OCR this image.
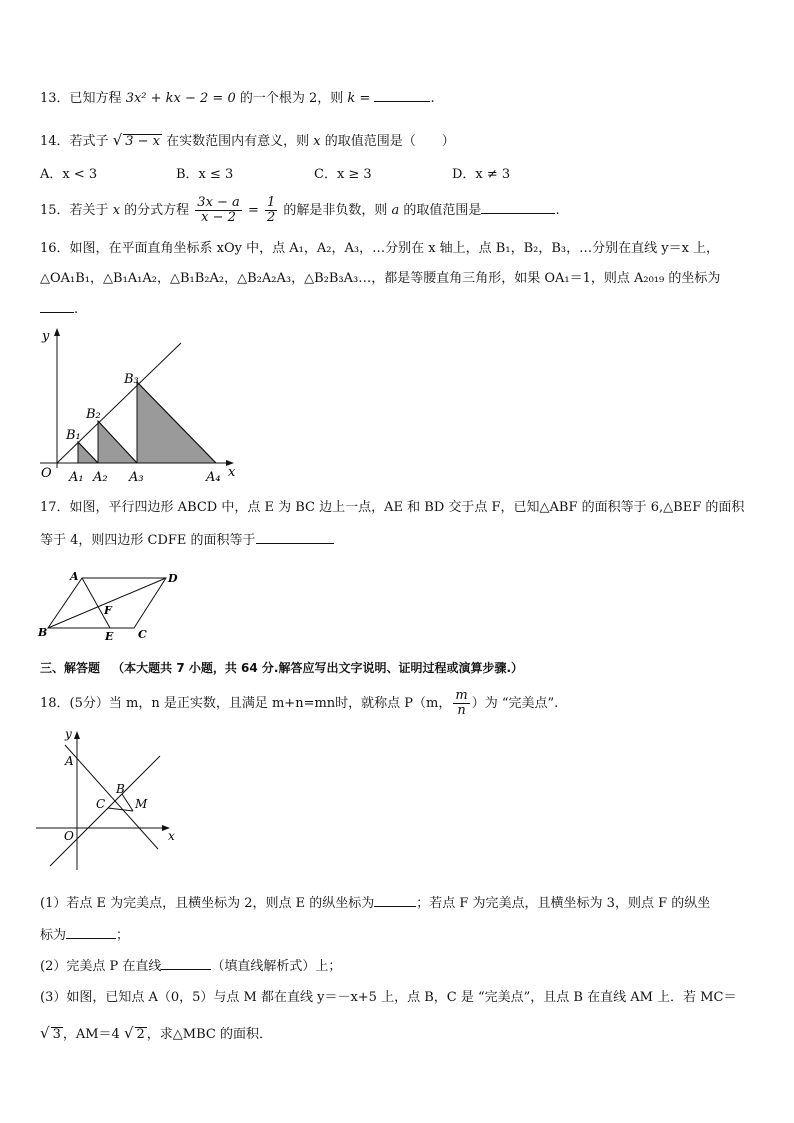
13．已知方程 3x² + kx − 2 = 0 的一个根为 2，则 k =	.
14．若式子 √ 3 − x 在实数范围内有意义，则 x 的取值范围是（　　）
A．x < 3	B．x ≤ 3	C．x ≥ 3	D．x ≠ 3
15．若关于 x 的分式方程 $\frac{3x - a}{x - 2} = \frac{1}{2}$ 的解是非负数，则 a 的取值范围是	.
16．如图，在平面直角坐标系 xOy 中，点 A₁，A₂，A₃，…分别在 x 轴上，点 B₁，B₂，B₃，…分别在直线 y＝x 上，
△OA₁B₁，△B₁A₁A₂，△B₁B₂A₂，△B₂A₂A₃，△B₂B₃A₃…，都是等腰直角三角形，如果 OA₁＝1，则点 A₂₀₁₉ 的坐标为
.
y
x
O A₁ A₂ A₃	A₄
B₁
B₂
B₃
17．如图，平行四边形 ABCD 中，点 E 为 BC 边上一点，AE 和 BD 交于点 F，已知△ABF 的面积等于 6,△BEF 的面积
等于 4，则四边形 CDFE 的面积等于
A	D
B	E C
F
三、解答题 （本大题共 7 小题，共 64 分.解答应写出文字说明、证明过程或演算步骤.）
18．(5分）当 m，n 是正实数，且满足 m+n=mn时，就称点 P（m， $\frac{m}{n}$ ）为 “完美点”.
y
x
O
A
B
C M
(1）若点 E 为完美点，且横坐标为 2，则点 E 的纵坐标为	；若点 F 为完美点，且横坐标为 3，则点 F 的纵坐
标为	；
(2）完美点 P 在直线	（填直线解析式）上；
(3）如图，已知点 A（0，5）与点 M 都在直线 y＝－x+5 上，点 B，C 是 “完美点”，且点 B 在直线 AM 上．若 MC＝
√ 3 ，AM＝4 √ 2 ，求△MBC 的面积．
